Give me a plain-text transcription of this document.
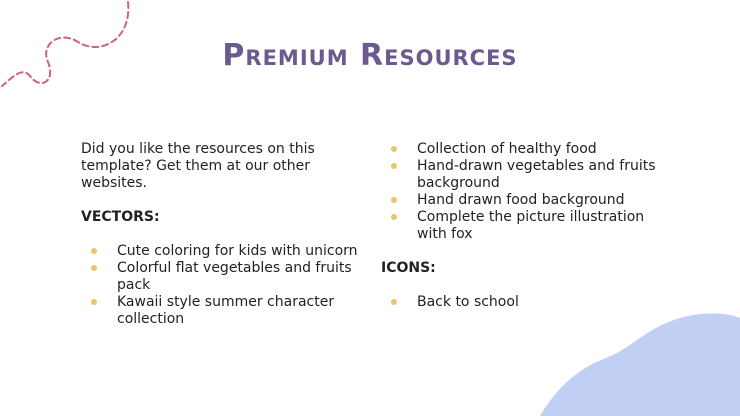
Premium Resources

Did you like the resources on this template? Get them at our other websites.

VECTORS:

Cute coloring for kids with unicorn
Colorful flat vegetables and fruits pack
Kawaii style summer character collection
Collection of healthy food
Hand-drawn vegetables and fruits background
Hand drawn food background
Complete the picture illustration with fox

ICONS:

Back to school
